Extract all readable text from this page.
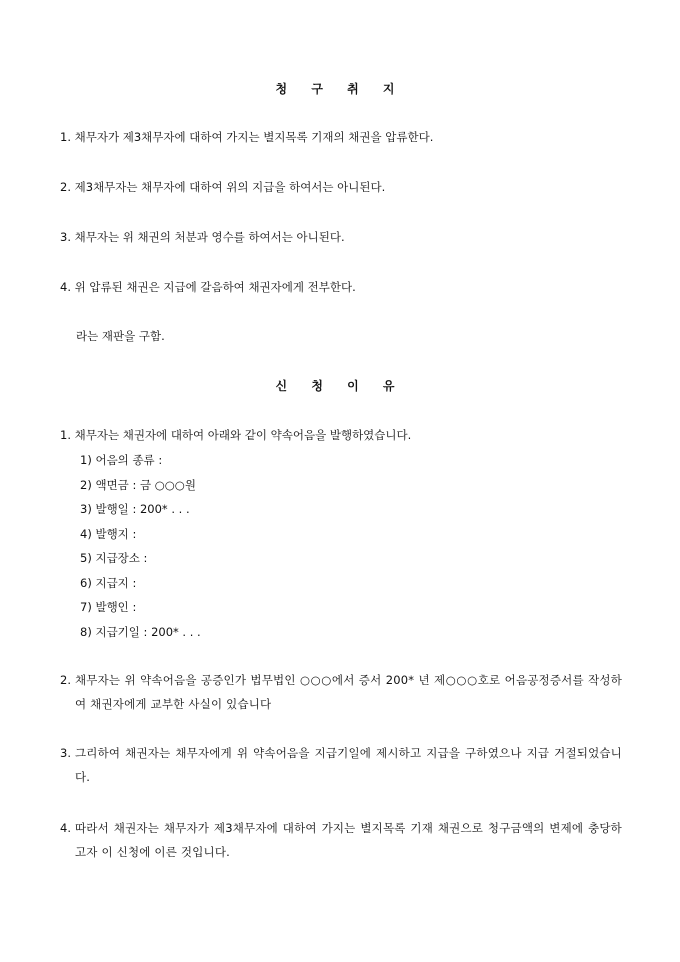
청 구 취 지
1. 채무자가 제3채무자에 대하여 가지는 별지목록 기재의 채권을 압류한다.
2. 제3채무자는 채무자에 대하여 위의 지급을 하여서는 아니된다.
3. 채무자는 위 채권의 처분과 영수를 하여서는 아니된다.
4. 위 압류된 채권은 지급에 갈음하여 채권자에게 전부한다.
라는 재판을 구함.
신 청 이 유
1. 채무자는 채권자에 대하여 아래와 같이 약속어음을 발행하였습니다.
1) 어음의 종류 :
2) 액면금 : 금 ○○○원
3) 발행일 : 200* . . .
4) 발행지 :
5) 지급장소 :
6) 지급지 :
7) 발행인 :
8) 지급기일 : 200* . . .
2. 채무자는 위 약속어음을 공증인가 법무법인 ○○○에서 증서 200* 년 제○○○호로 어음공정증서를 작성하여 채권자에게 교부한 사실이 있습니다
3. 그리하여 채권자는 채무자에게 위 약속어음을 지급기일에 제시하고 지급을 구하였으나 지급 거절되었습니다.
4. 따라서 채권자는 채무자가 제3채무자에 대하여 가지는 별지목록 기재 채권으로 청구금액의 변제에 충당하고자 이 신청에 이른 것입니다.
